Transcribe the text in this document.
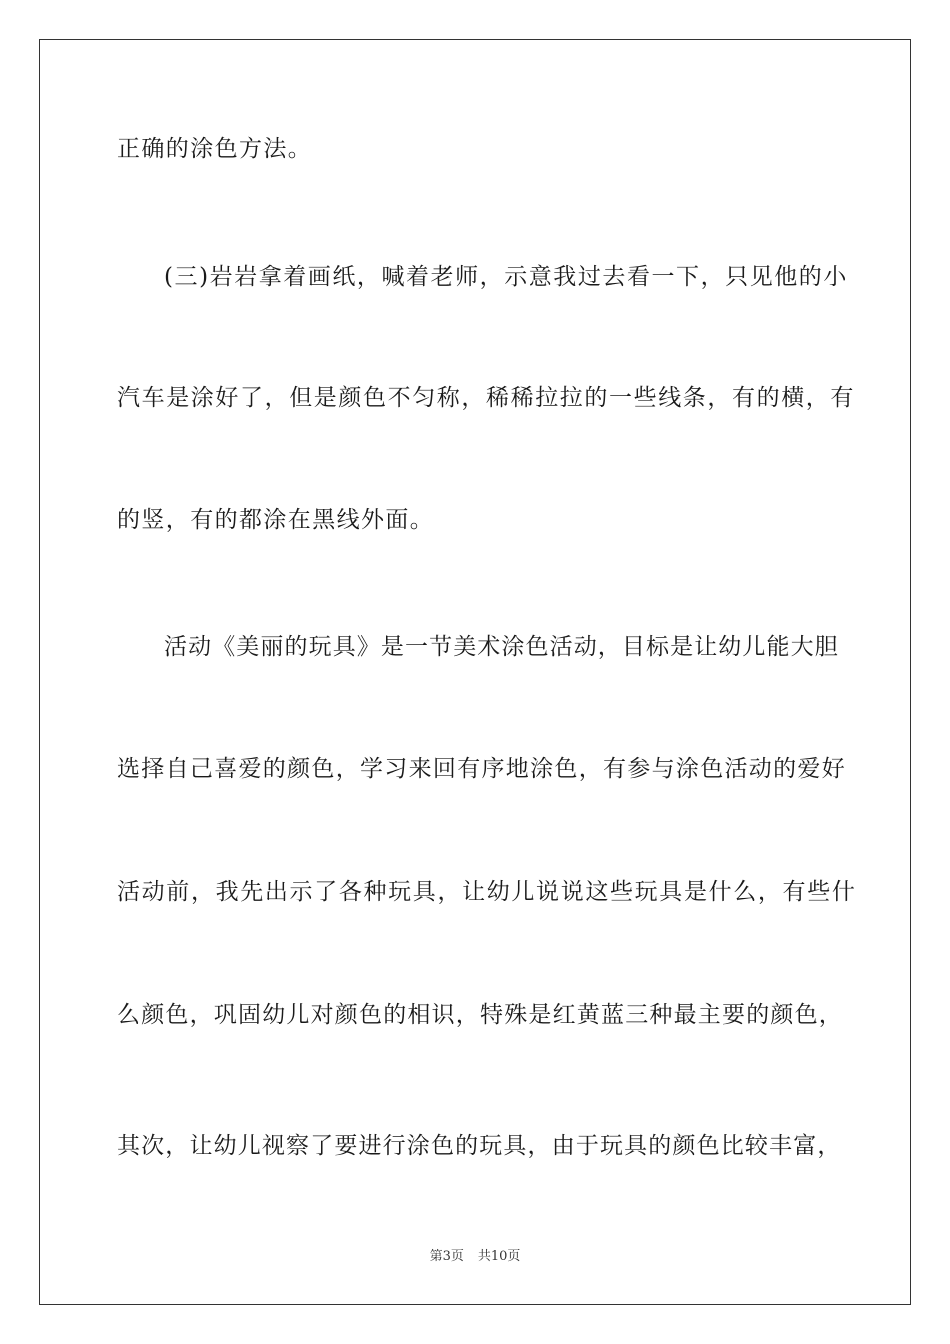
正确的涂色方法。
(三)岩岩拿着画纸，喊着老师，示意我过去看一下，只见他的小
汽车是涂好了，但是颜色不匀称，稀稀拉拉的一些线条，有的横，有
的竖，有的都涂在黑线外面。
活动《美丽的玩具》是一节美术涂色活动，目标是让幼儿能大胆
选择自己喜爱的颜色，学习来回有序地涂色，有参与涂色活动的爱好
活动前，我先出示了各种玩具，让幼儿说说这些玩具是什么，有些什
么颜色，巩固幼儿对颜色的相识，特殊是红黄蓝三种最主要的颜色，
其次，让幼儿视察了要进行涂色的玩具，由于玩具的颜色比较丰富，
第3页 共10页
